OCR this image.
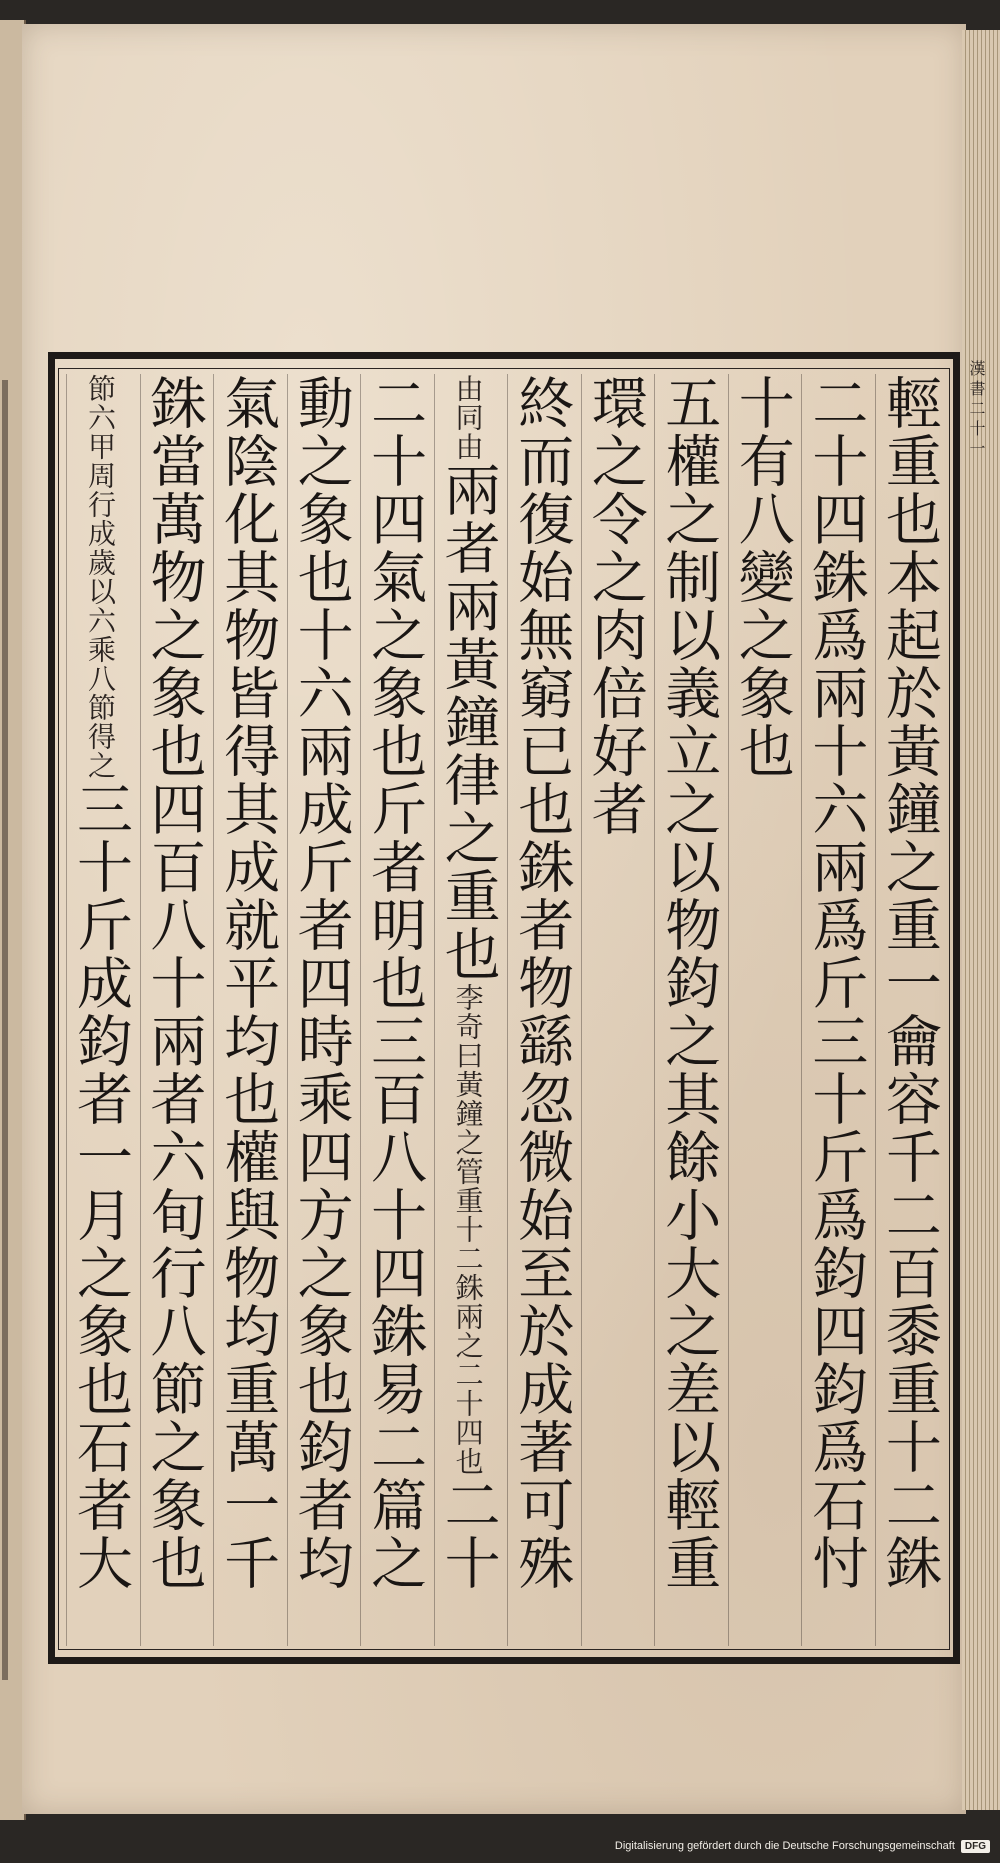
漢書二十一
輕重也本起於黃鐘之重一龠容千二百黍重十二銖
二十四銖爲兩十六兩爲斤三十斤爲鈞四鈞爲石忖
十有八變之象也
五權之制以義立之以物鈞之其餘小大之差以輕重
環之令之肉倍好者
終而復始無窮已也銖者物繇忽微始至於成著可殊
由同由兩者兩黃鐘律之重也李奇曰黃鐘之管重十二銖兩之二十四也二十
二十四氣之象也斤者明也三百八十四銖易二篇之
動之象也十六兩成斤者四時乘四方之象也鈞者均
氣陰化其物皆得其成就平均也權與物均重萬一千
銖當萬物之象也四百八十兩者六旬行八節之象也
節六甲周行成歲以六乘八節得之三十斤成鈞者一月之象也石者大
Digitalisierung gefördert durch die Deutsche Forschungsgemeinschaft	DFG
